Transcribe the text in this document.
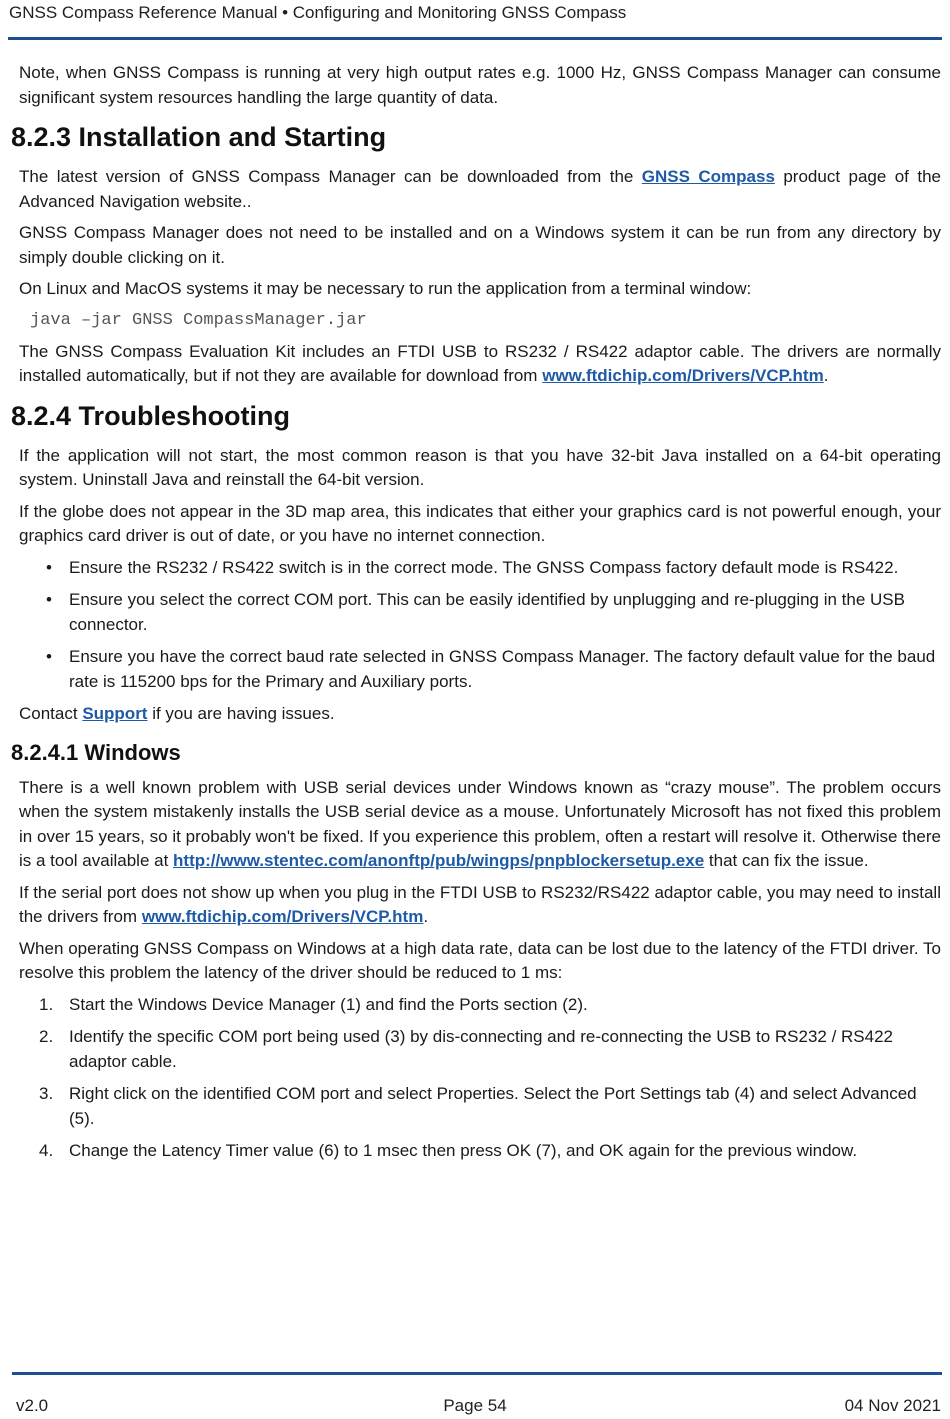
GNSS Compass Reference Manual • Configuring and Monitoring GNSS Compass

Note, when GNSS Compass is running at very high output rates e.g. 1000 Hz, GNSS Compass Manager can consume significant system resources handling the large quantity of data.

8.2.3 Installation and Starting

The latest version of GNSS Compass Manager can be downloaded from the GNSS Compass product page of the Advanced Navigation website..

GNSS Compass Manager does not need to be installed and on a Windows system it can be run from any directory by simply double clicking on it.

On Linux and MacOS systems it may be necessary to run the application from a terminal window:

java –jar GNSS CompassManager.jar

The GNSS Compass Evaluation Kit includes an FTDI USB to RS232 / RS422 adaptor cable. The drivers are normally installed automatically, but if not they are available for download from www.ftdichip.com/Drivers/VCP.htm.

8.2.4 Troubleshooting

If the application will not start, the most common reason is that you have 32-bit Java installed on a 64-bit operating system. Uninstall Java and reinstall the 64-bit version.

If the globe does not appear in the 3D map area, this indicates that either your graphics card is not powerful enough, your graphics card driver is out of date, or you have no internet connection.

• Ensure the RS232 / RS422 switch is in the correct mode. The GNSS Compass factory default mode is RS422.
• Ensure you select the correct COM port. This can be easily identified by unplugging and re-plugging in the USB connector.
• Ensure you have the correct baud rate selected in GNSS Compass Manager. The factory default value for the baud rate is 115200 bps for the Primary and Auxiliary ports.

Contact Support if you are having issues.

8.2.4.1 Windows

There is a well known problem with USB serial devices under Windows known as “crazy mouse”. The problem occurs when the system mistakenly installs the USB serial device as a mouse. Unfortunately Microsoft has not fixed this problem in over 15 years, so it probably won't be fixed. If you experience this problem, often a restart will resolve it. Otherwise there is a tool available at http://www.stentec.com/anonftp/pub/wingps/pnpblockersetup.exe that can fix the issue.

If the serial port does not show up when you plug in the FTDI USB to RS232/RS422 adaptor cable, you may need to install the drivers from www.ftdichip.com/Drivers/VCP.htm.

When operating GNSS Compass on Windows at a high data rate, data can be lost due to the latency of the FTDI driver. To resolve this problem the latency of the driver should be reduced to 1 ms:

1. Start the Windows Device Manager (1) and find the Ports section (2).
2. Identify the specific COM port being used (3) by dis-connecting and re-connecting the USB to RS232 / RS422 adaptor cable.
3. Right click on the identified COM port and select Properties. Select the Port Settings tab (4) and select Advanced (5).
4. Change the Latency Timer value (6) to 1 msec then press OK (7), and OK again for the previous window.
v2.0	Page 54	04 Nov 2021
